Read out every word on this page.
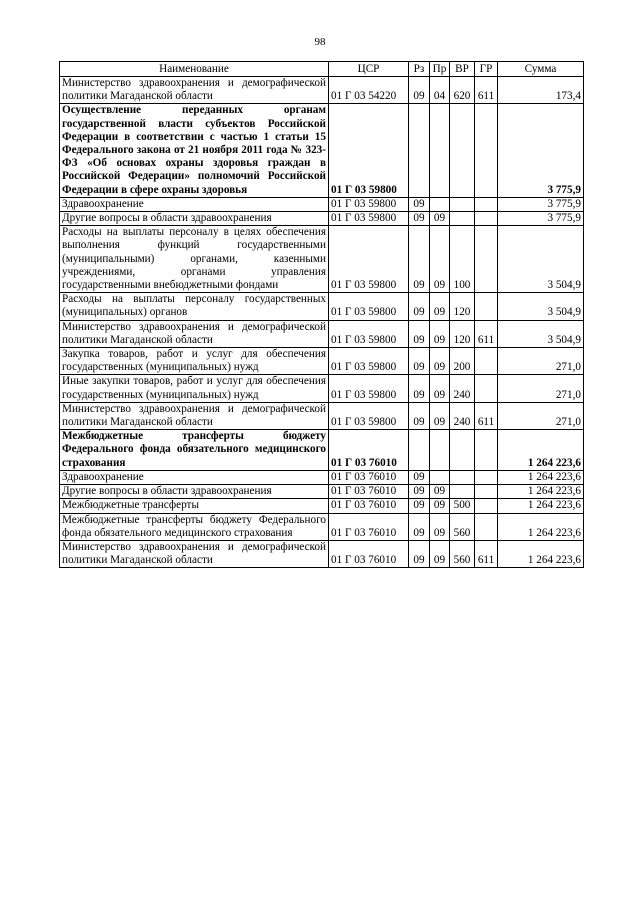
98
Наименование	ЦСР	Рз	Пр	ВР	ГР	Сумма
Министерство здравоохранения и демографической политики Магаданской области	01 Г 03 54220	09	04	620	611	173,4
Осуществление переданных органам государственной власти субъектов Российской Федерации в соответствии с частью 1 статьи 15 Федерального закона от 21 ноября 2011 года № 323-ФЗ «Об основах охраны здоровья граждан в Российской Федерации» полномочий Российской Федерации в сфере охраны здоровья	01 Г 03 59800					3 775,9
Здравоохранение	01 Г 03 59800	09				3 775,9
Другие вопросы в области здравоохранения	01 Г 03 59800	09	09			3 775,9
Расходы на выплаты персоналу в целях обеспечения выполнения функций государственными (муниципальными) органами, казенными учреждениями, органами управления государственными внебюджетными фондами	01 Г 03 59800	09	09	100		3 504,9
Расходы на выплаты персоналу государственных (муниципальных) органов	01 Г 03 59800	09	09	120		3 504,9
Министерство здравоохранения и демографической политики Магаданской области	01 Г 03 59800	09	09	120	611	3 504,9
Закупка товаров, работ и услуг для обеспечения государственных (муниципальных) нужд	01 Г 03 59800	09	09	200		271,0
Иные закупки товаров, работ и услуг для обеспечения государственных (муниципальных) нужд	01 Г 03 59800	09	09	240		271,0
Министерство здравоохранения и демографической политики Магаданской области	01 Г 03 59800	09	09	240	611	271,0
Межбюджетные трансферты бюджету Федерального фонда обязательного медицинского страхования	01 Г 03 76010					1 264 223,6
Здравоохранение	01 Г 03 76010	09				1 264 223,6
Другие вопросы в области здравоохранения	01 Г 03 76010	09	09			1 264 223,6
Межбюджетные трансферты	01 Г 03 76010	09	09	500		1 264 223,6
Межбюджетные трансферты бюджету Федерального фонда обязательного медицинского страхования	01 Г 03 76010	09	09	560		1 264 223,6
Министерство здравоохранения и демографической политики Магаданской области	01 Г 03 76010	09	09	560	611	1 264 223,6
